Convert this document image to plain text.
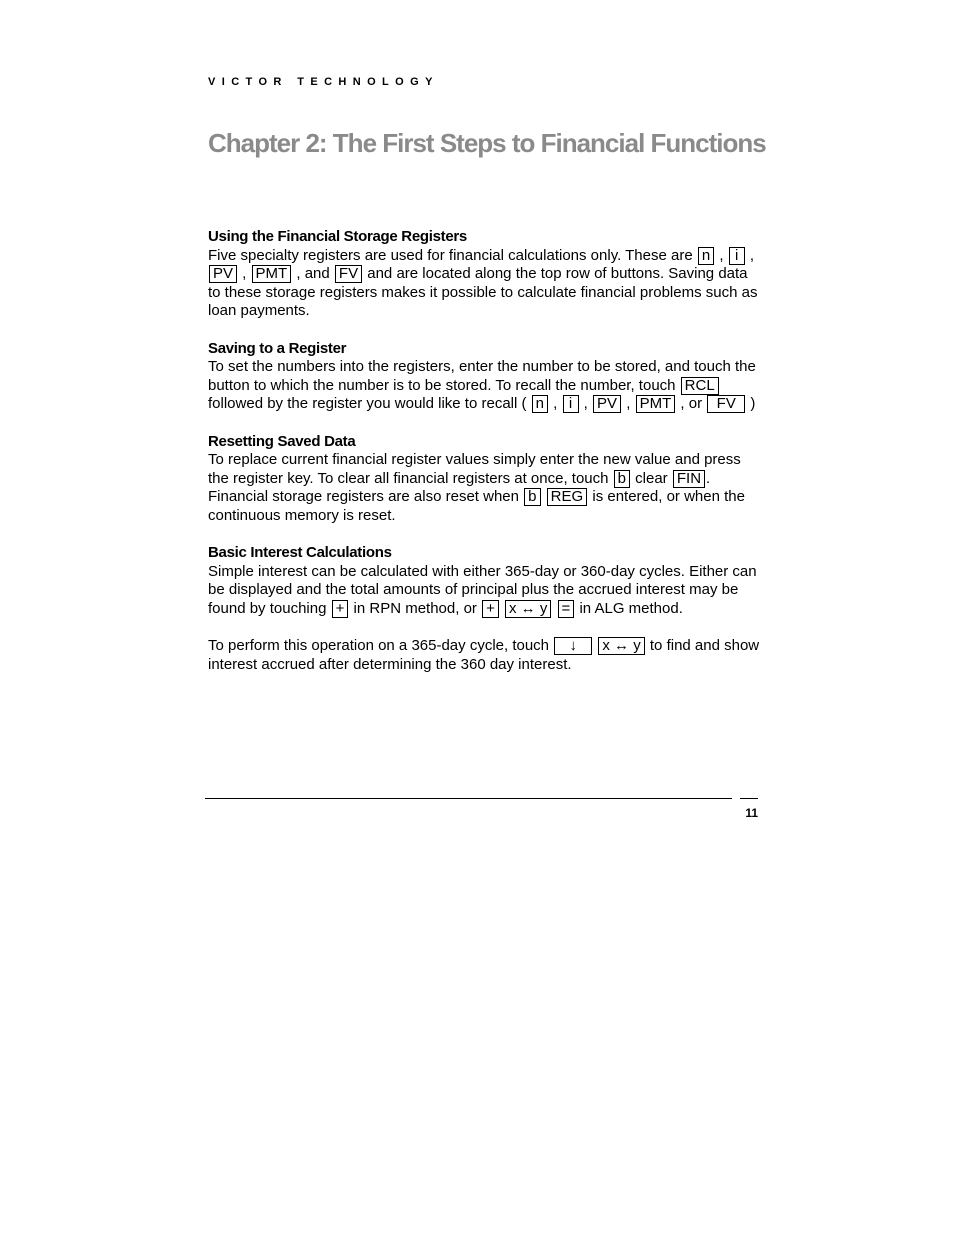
VICTOR TECHNOLOGY
Chapter 2: The First Steps to Financial Functions

Using the Financial Storage Registers

Five specialty registers are used for financial calculations only. These are n , i , PV , PMT , and FV and are located along the top row of buttons. Saving data to these storage registers makes it possible to calculate financial problems such as loan payments.

Saving to a Register

To set the numbers into the registers, enter the number to be stored, and touch the button to which the number is to be stored. To recall the number, touch RCL followed by the register you would like to recall ( n , i , PV , PMT , or FV )

Resetting Saved Data

To replace current financial register values simply enter the new value and press the register key. To clear all financial registers at once, touch b clear FIN . Financial storage registers are also reset when b REG is entered, or when the continuous memory is reset.

Basic Interest Calculations

Simple interest can be calculated with either 365-day or 360-day cycles. Either can be displayed and the total amounts of principal plus the accrued interest may be found by touching + in RPN method, or + x ↔ y = in ALG method.

To perform this operation on a 365-day cycle, touch ↓ x ↔ y to find and show interest accrued after determining the 360 day interest.

11
